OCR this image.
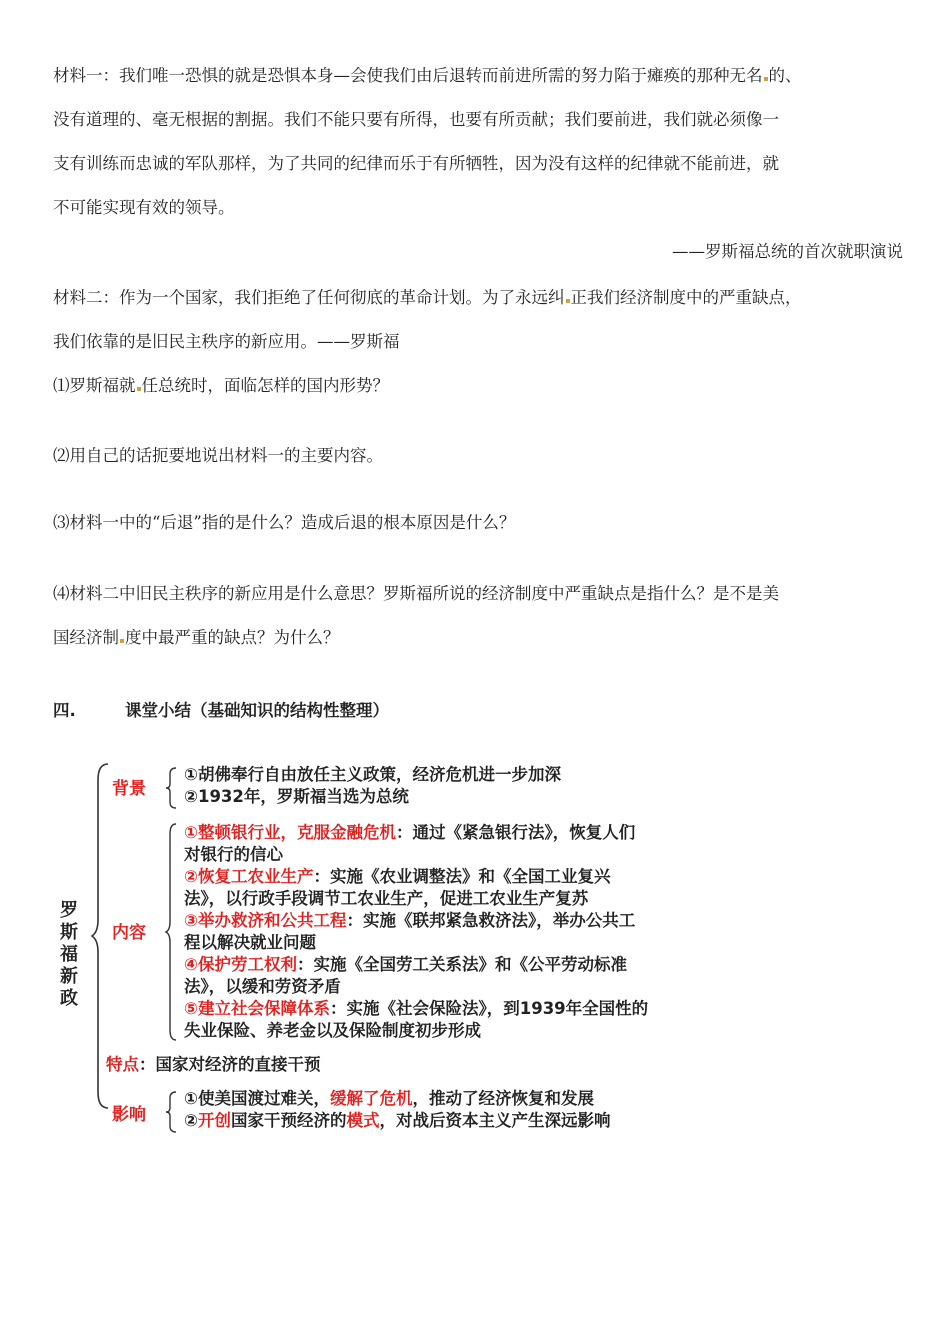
材料一：我们唯一恐惧的就是恐惧本身—会使我们由后退转而前进所需的努力陷于瘫痪的那种无名 的、
没有道理的、毫无根据的割据。我们不能只要有所得，也要有所贡献；我们要前进，我们就必须像一
支有训练而忠诚的军队那样，为了共同的纪律而乐于有所牺牲，因为没有这样的纪律就不能前进，就
不可能实现有效的领导。
——罗斯福总统的首次就职演说
材料二：作为一个国家，我们拒绝了任何彻底的革命计划。为了永远纠 正我们经济制度中的严重缺点，
我们依靠的是旧民主秩序的新应用。——罗斯福
⑴罗斯福就 任总统时，面临怎样的国内形势？
⑵用自己的话扼要地说出材料一的主要内容。
⑶材料一中的“后退”指的是什么？造成后退的根本原因是什么？
⑷材料二中旧民主秩序的新应用是什么意思？罗斯福所说的经济制度中严重缺点是指什么？是不是美
国经济制 度中最严重的缺点？为什么？
四.	课堂小结（基础知识的结构性整理）
罗斯福新政
背景
①胡佛奉行自由放任主义政策，经济危机进一步加深
②1932年，罗斯福当选为总统
内容
①整顿银行业，克服金融危机：通过《紧急银行法》，恢复人们
对银行的信心
②恢复工农业生产：实施《农业调整法》和《全国工业复兴
法》，以行政手段调节工农业生产，促进工农业生产复苏
③举办救济和公共工程：实施《联邦紧急救济法》，举办公共工
程以解决就业问题
④保护劳工权利：实施《全国劳工关系法》和《公平劳动标准
法》，以缓和劳资矛盾
⑤建立社会保障体系：实施《社会保险法》，到1939年全国性的
失业保险、养老金以及保险制度初步形成
特点：国家对经济的直接干预
影响
①使美国渡过难关，缓解了危机，推动了经济恢复和发展
②开创国家干预经济的模式，对战后资本主义产生深远影响
